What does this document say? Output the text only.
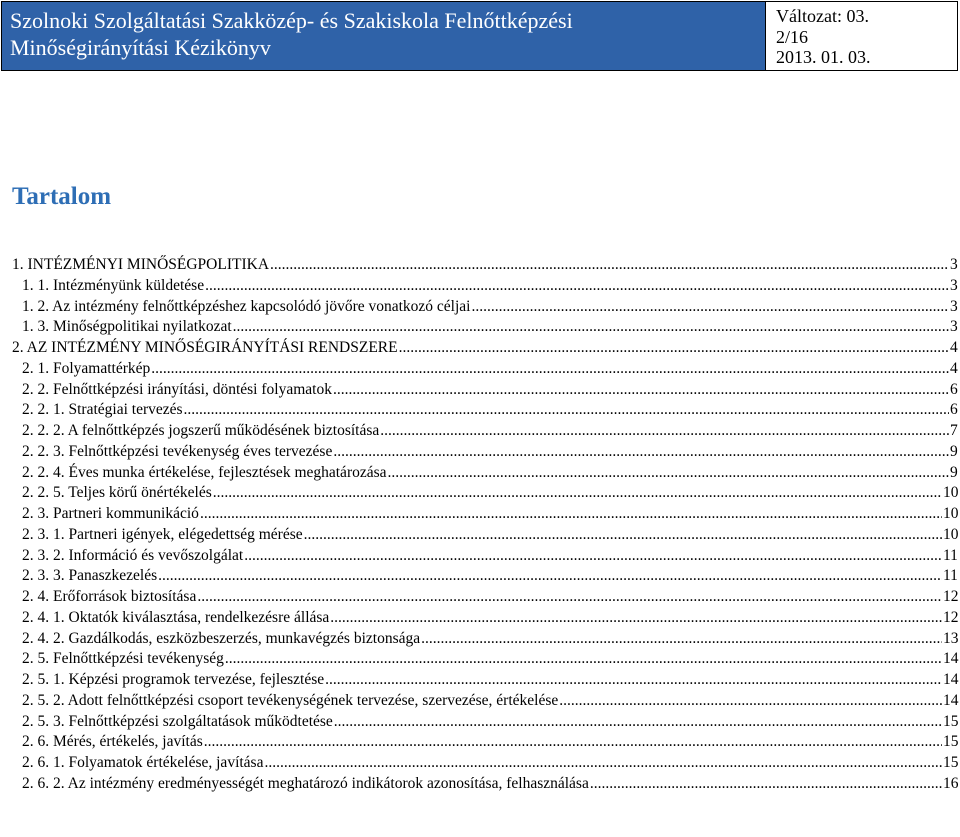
Szolnoki Szolgáltatási Szakközép- és Szakiskola Felnőttképzési
Minőségirányítási Kézikönyv
Változat: 03.
2/16
2013. 01. 03.
Tartalom
1. INTÉZMÉNYI MINŐSÉGPOLITIKA .....	3
1. 1. Intézményünk küldetése .....	3
1. 2. Az intézmény felnőttképzéshez kapcsolódó jövőre vonatkozó céljai .....	3
1. 3. Minőségpolitikai nyilatkozat .....	3
2. AZ INTÉZMÉNY MINŐSÉGIRÁNYÍTÁSI RENDSZERE .....	4
2. 1. Folyamattérkép .....	4
2. 2. Felnőttképzési irányítási, döntési folyamatok .....	6
2. 2. 1. Stratégiai tervezés .....	6
2. 2. 2. A felnőttképzés jogszerű működésének biztosítása .....	7
2. 2. 3. Felnőttképzési tevékenység éves tervezése .....	9
2. 2. 4. Éves munka értékelése, fejlesztések meghatározása .....	9
2. 2. 5. Teljes körű önértékelés .....	10
2. 3. Partneri kommunikáció .....	10
2. 3. 1. Partneri igények, elégedettség mérése .....	10
2. 3. 2. Információ és vevőszolgálat .....	11
2. 3. 3. Panaszkezelés .....	11
2. 4. Erőforrások biztosítása .....	12
2. 4. 1. Oktatók kiválasztása, rendelkezésre állása .....	12
2. 4. 2. Gazdálkodás, eszközbeszerzés, munkavégzés biztonsága .....	13
2. 5. Felnőttképzési tevékenység .....	14
2. 5. 1. Képzési programok tervezése, fejlesztése .....	14
2. 5. 2. Adott felnőttképzési csoport tevékenységének tervezése, szervezése, értékelése .....	14
2. 5. 3. Felnőttképzési szolgáltatások működtetése .....	15
2. 6. Mérés, értékelés, javítás .....	15
2. 6. 1. Folyamatok értékelése, javítása .....	15
2. 6. 2. Az intézmény eredményességét meghatározó indikátorok azonosítása, felhasználása .....	16
